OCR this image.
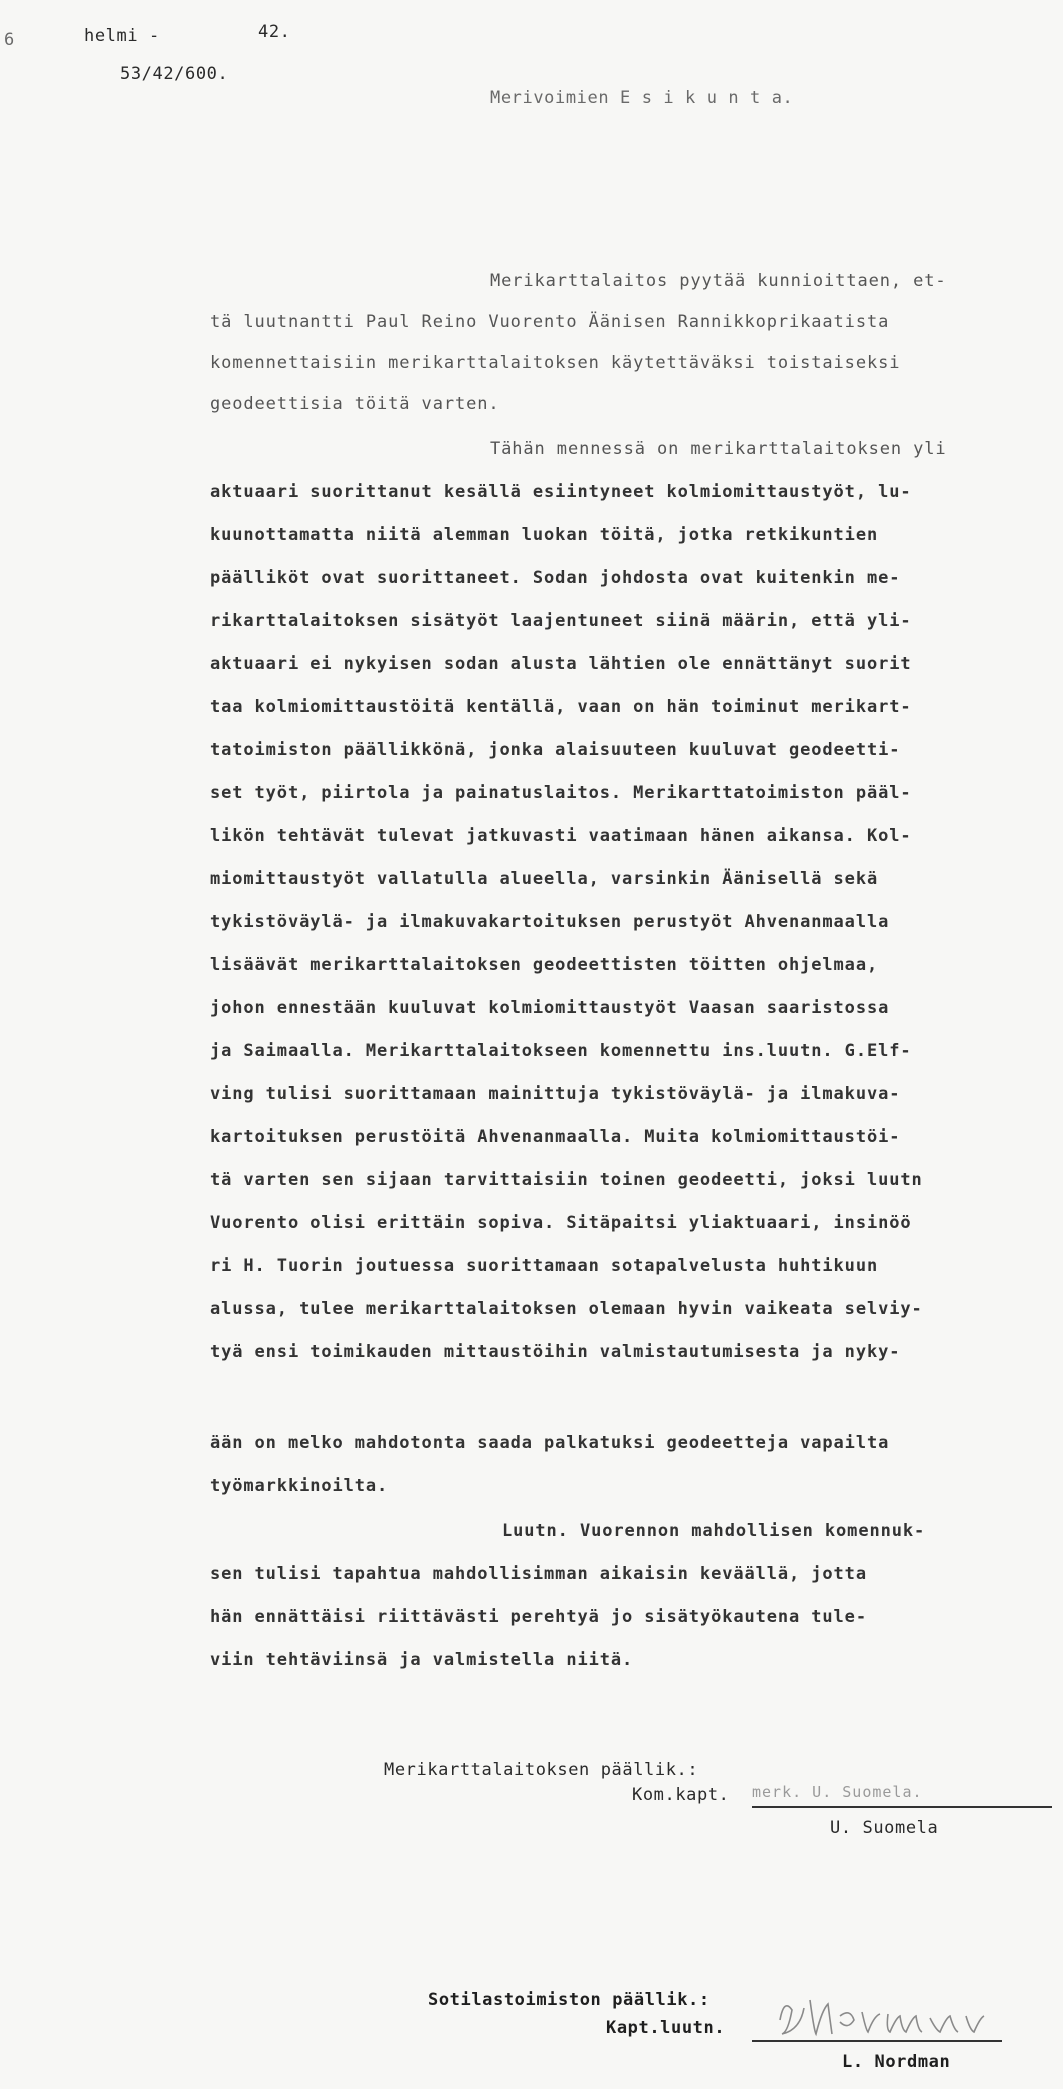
6	helmi -	42.
53/42/600.
Merivoimien E s i k u n t a.
Merikarttalaitos pyytää kunnioittaen, et-
tä luutnantti Paul Reino Vuorento Äänisen Rannikkoprikaatista
komennettaisiin merikarttalaitoksen käytettäväksi toistaiseksi
geodeettisia töitä varten.
Tähän mennessä on merikarttalaitoksen yli
aktuaari suorittanut kesällä esiintyneet kolmiomittaustyöt, lu-
kuunottamatta niitä alemman luokan töitä, jotka retkikuntien
päälliköt ovat suorittaneet. Sodan johdosta ovat kuitenkin me-
rikarttalaitoksen sisätyöt laajentuneet siinä määrin, että yli-
aktuaari ei nykyisen sodan alusta lähtien ole ennättänyt suorit
taa kolmiomittaustöitä kentällä, vaan on hän toiminut merikart-
tatoimiston päällikkönä, jonka alaisuuteen kuuluvat geodeetti-
set työt, piirtola ja painatuslaitos. Merikarttatoimiston pääl-
likön tehtävät tulevat jatkuvasti vaatimaan hänen aikansa. Kol-
miomittaustyöt vallatulla alueella, varsinkin Äänisellä sekä
tykistöväylä- ja ilmakuvakartoituksen perustyöt Ahvenanmaalla
lisäävät merikarttalaitoksen geodeettisten töitten ohjelmaa,
johon ennestään kuuluvat kolmiomittaustyöt Vaasan saaristossa
ja Saimaalla. Merikarttalaitokseen komennettu ins.luutn. G.Elf-
ving tulisi suorittamaan mainittuja tykistöväylä- ja ilmakuva-
kartoituksen perustöitä Ahvenanmaalla. Muita kolmiomittaustöi-
tä varten sen sijaan tarvittaisiin toinen geodeetti, joksi luutn
Vuorento olisi erittäin sopiva. Sitäpaitsi yliaktuaari, insinöö
ri H. Tuorin joutuessa suorittamaan sotapalvelusta huhtikuun
alussa, tulee merikarttalaitoksen olemaan hyvin vaikeata selviy-
tyä ensi toimikauden mittaustöihin valmistautumisesta ja nyky-
ään on melko mahdotonta saada palkatuksi geodeetteja vapailta
työmarkkinoilta.
Luutn. Vuorennon mahdollisen komennuk-
sen tulisi tapahtua mahdollisimman aikaisin keväällä, jotta
hän ennättäisi riittävästi perehtyä jo sisätyökautena tule-
viin tehtäviinsä ja valmistella niitä.
Merikarttalaitoksen päällik.:
Kom.kapt. merk. U. Suomela.
U. Suomela
Sotilastoimiston päällik.:
Kapt.luutn.
L. Nordman
